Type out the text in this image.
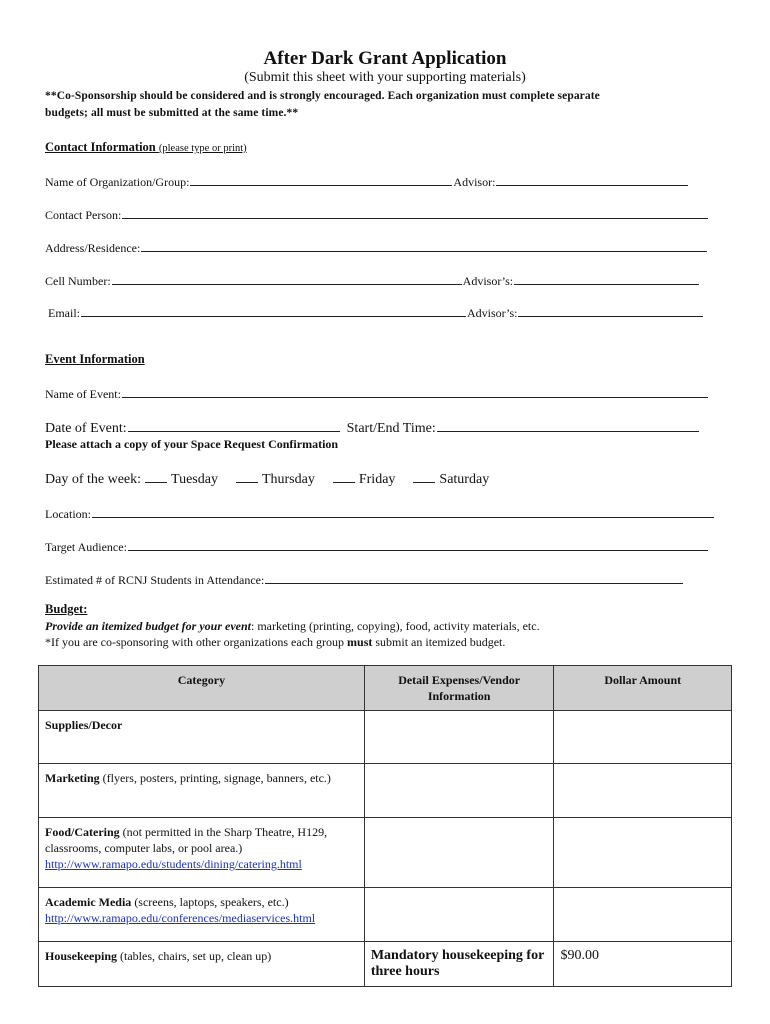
After Dark Grant Application
(Submit this sheet with your supporting materials)
**Co-Sponsorship should be considered and is strongly encouraged. Each organization must complete separate
budgets; all must be submitted at the same time.**
Contact Information (please type or print)
Name of Organization/Group:	Advisor:
Contact Person:
Address/Residence:
Cell Number:	Advisor’s:
Email:	Advisor’s:
Event Information
Name of Event:
Date of Event:	Start/End Time:
Please attach a copy of your Space Request Confirmation
Day of the week:	Tuesday	Thursday	Friday	Saturday
Location:
Target Audience:
Estimated # of RCNJ Students in Attendance:
Budget:
Provide an itemized budget for your event: marketing (printing, copying), food, activity materials, etc.
*If you are co-sponsoring with other organizations each group must submit an itemized budget.
Category	Detail Expenses/Vendor Information	Dollar Amount
Supplies/Decor		
Marketing (flyers, posters, printing, signage, banners, etc.)		
Food/Catering (not permitted in the Sharp Theatre, H129, classrooms, computer labs, or pool area.)
http://www.ramapo.edu/students/dining/catering.html		
Academic Media (screens, laptops, speakers, etc.)
http://www.ramapo.edu/conferences/mediaservices.html		
Housekeeping (tables, chairs, set up, clean up)	Mandatory housekeeping for three hours	$90.00
